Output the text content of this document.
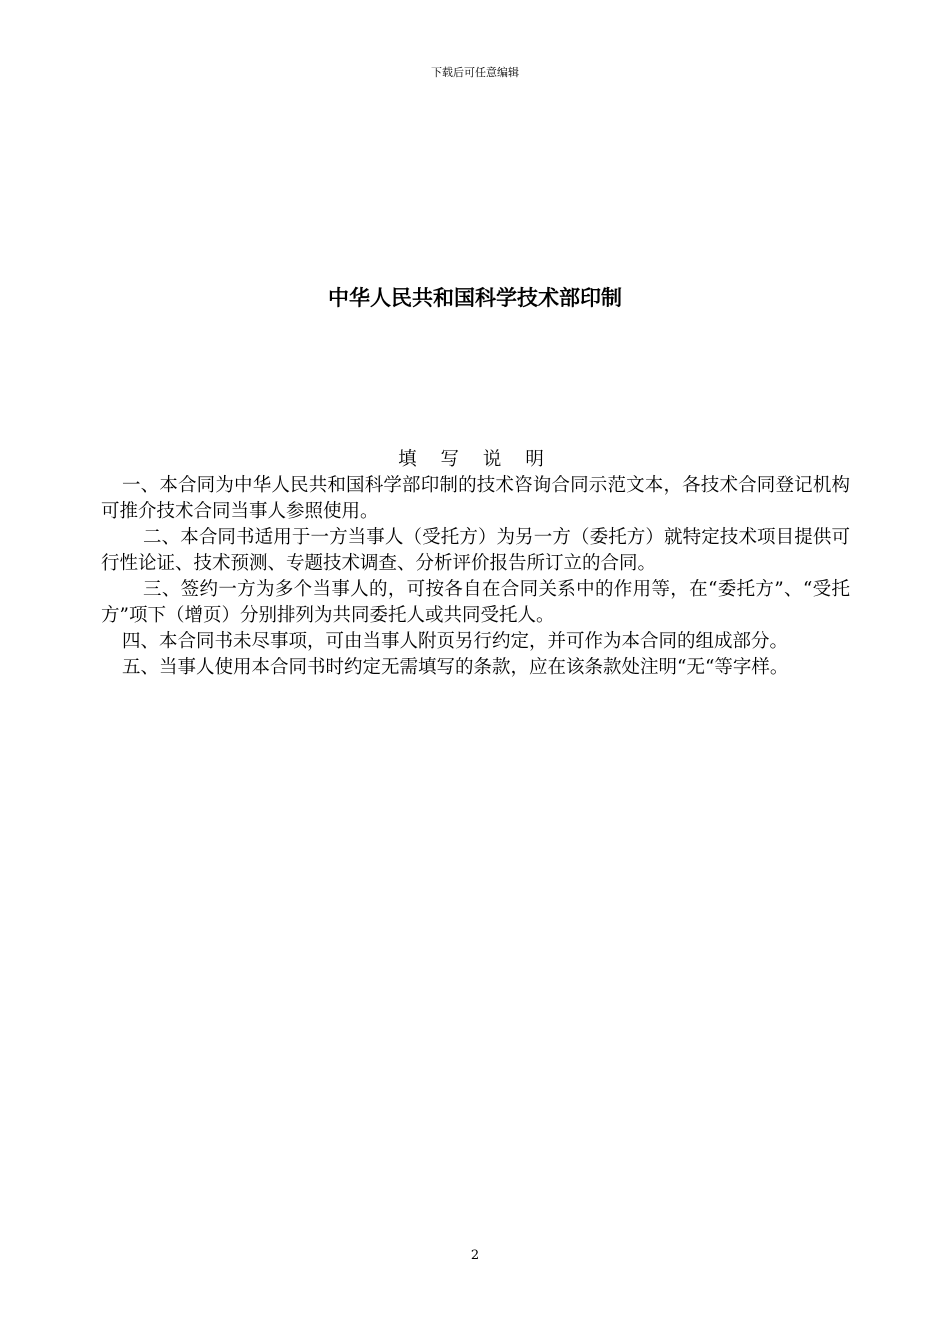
下载后可任意编辑
中华人民共和国科学技术部印制

填 写 说 明

一、本合同为中华人民共和国科学部印制的技术咨询合同示范文本，各技术合同登记机构可推介技术合同当事人参照使用。

二、本合同书适用于一方当事人（受托方）为另一方（委托方）就特定技术项目提供可行性论证、技术预测、专题技术调查、分析评价报告所订立的合同。

三、签约一方为多个当事人的，可按各自在合同关系中的作用等，在“委托方”、“受托方”项下（增页）分别排列为共同委托人或共同受托人。

四、本合同书未尽事项，可由当事人附页另行约定，并可作为本合同的组成部分。

五、当事人使用本合同书时约定无需填写的条款，应在该条款处注明“无“等字样。

2
